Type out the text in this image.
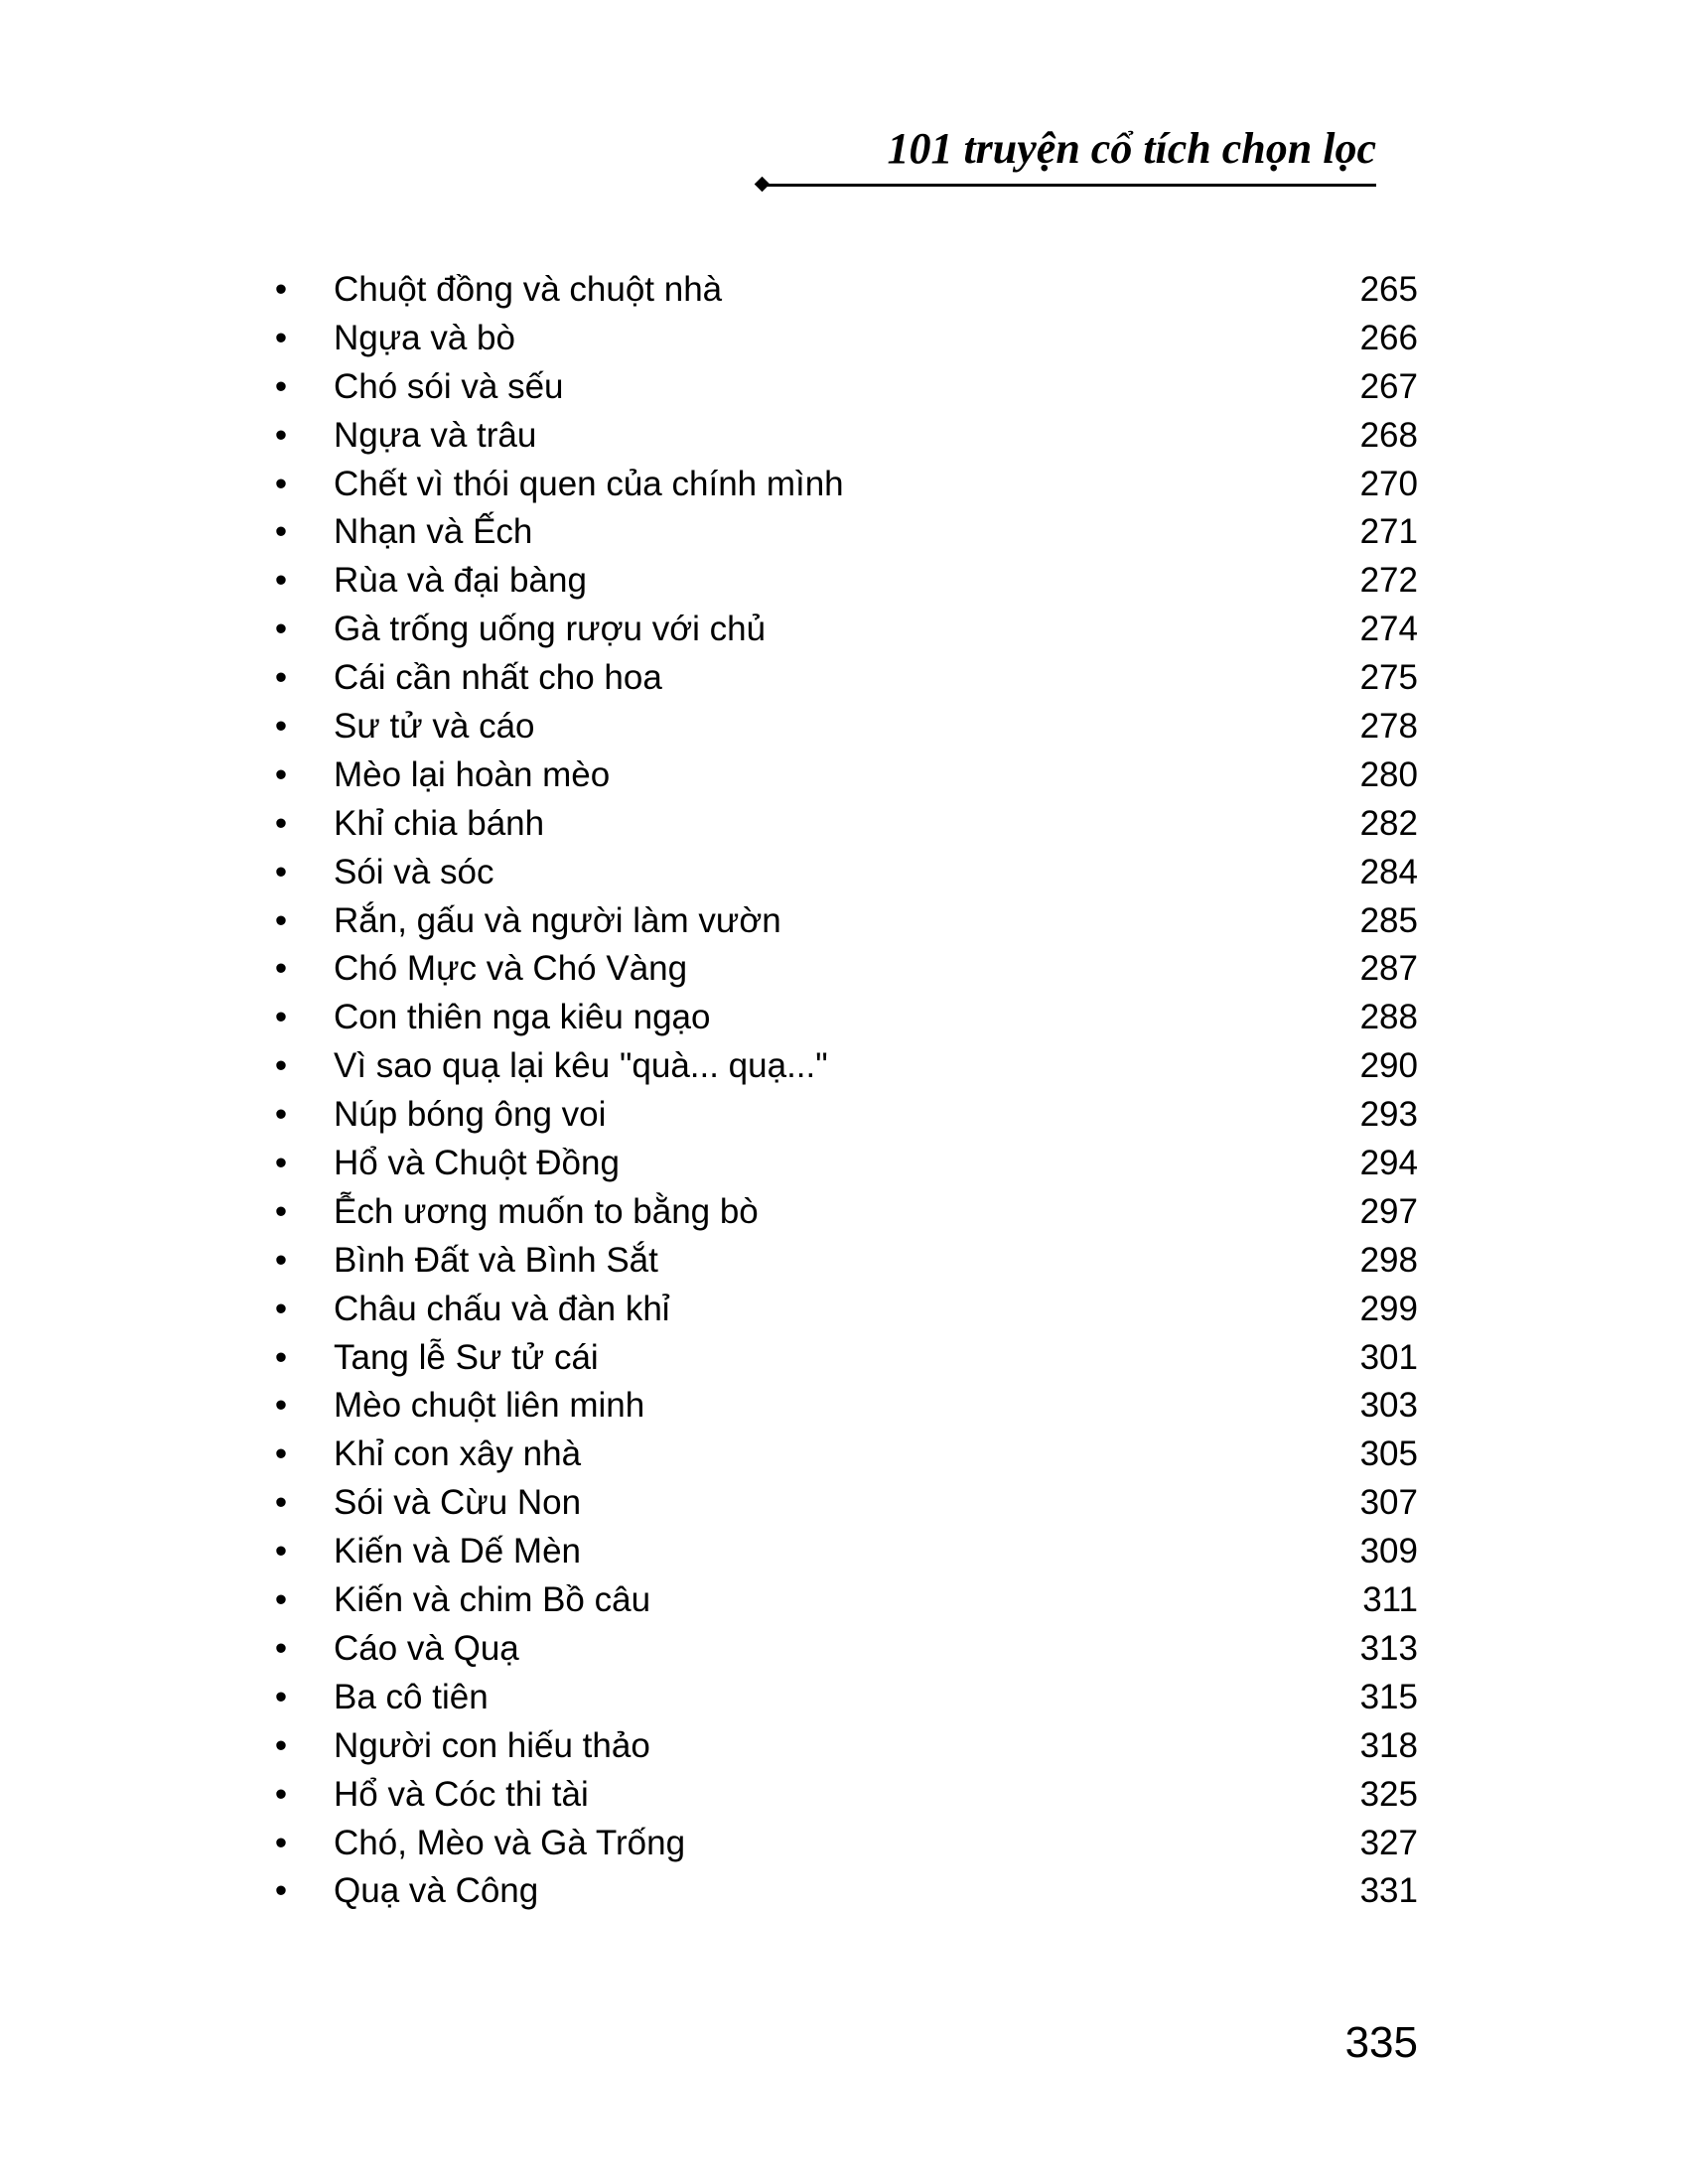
101 truyện cổ tích chọn lọc
• Chuột đồng và chuột nhà	265
• Ngựa và bò	266
• Chó sói và sếu	267
• Ngựa và trâu	268
• Chết vì thói quen của chính mình	270
• Nhạn và Ếch	271
• Rùa và đại bàng	272
• Gà trống uống rượu với chủ	274
• Cái cần nhất cho hoa	275
• Sư tử và cáo	278
• Mèo lại hoàn mèo	280
• Khỉ chia bánh	282
• Sói và sóc	284
• Rắn, gấu và người làm vườn	285
• Chó Mực và Chó Vàng	287
• Con thiên nga kiêu ngạo	288
• Vì sao quạ lại kêu "quà... quạ..."	290
• Núp bóng ông voi	293
• Hổ và Chuột Đồng	294
• Ễch ương muốn to bằng bò	297
• Bình Đất và Bình Sắt	298
• Châu chấu và đàn khỉ	299
• Tang lễ Sư tử cái	301
• Mèo chuột liên minh	303
• Khỉ con xây nhà	305
• Sói và Cừu Non	307
• Kiến và Dế Mèn	309
• Kiến và chim Bồ câu	311
• Cáo và Quạ	313
• Ba cô tiên	315
• Người con hiếu thảo	318
• Hổ và Cóc thi tài	325
• Chó, Mèo và Gà Trống	327
• Quạ và Công	331
335
